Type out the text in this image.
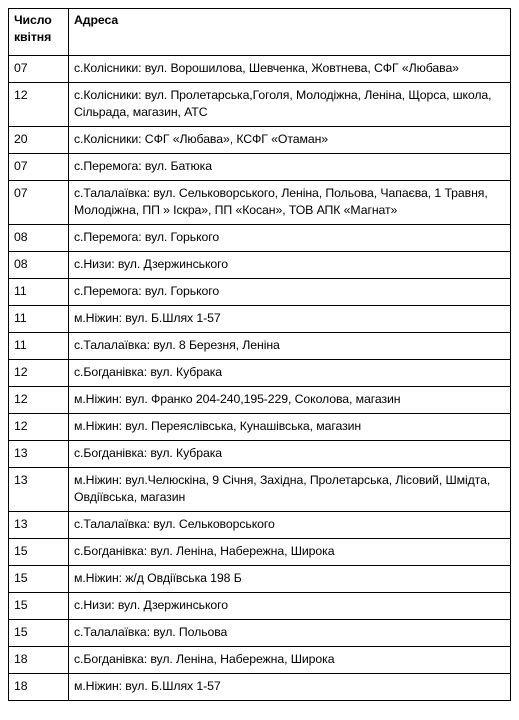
Число квітня	Адреса
07	с.Колісники: вул. Ворошилова, Шевченка, Жовтнева, СФГ «Любава»
12	с.Колісники: вул. Пролетарська,Гоголя, Молодіжна, Леніна, Щорса, школа, Сільрада, магазин, АТС
20	с.Колісники: СФГ «Любава», КСФГ «Отаман»
07	с.Перемога: вул. Батюка
07	с.Талалаївка: вул. Сельковорського, Леніна, Польова, Чапаєва, 1 Травня, Молодіжна, ПП » Іскра», ПП «Косан», ТОВ АПК «Магнат»
08	с.Перемога: вул. Горького
08	с.Низи: вул. Дзержинського
11	с.Перемога: вул. Горького
11	м.Ніжин: вул. Б.Шлях 1-57
11	с.Талалаївка: вул. 8 Березня, Леніна
12	с.Богданівка: вул. Кубрака
12	м.Ніжин: вул. Франко 204-240,195-229, Соколова, магазин
12	м.Ніжин: вул. Переяслівська, Кунашівська, магазин
13	с.Богданівка: вул. Кубрака
13	м.Ніжин: вул.Челюскіна, 9 Січня, Західна, Пролетарська, Лісовий, Шмідта, Овдіївська, магазин
13	с.Талалаївка: вул. Сельковорського
15	с.Богданівка: вул. Леніна, Набережна, Широка
15	м.Ніжин: ж/д Овдіївська 198 Б
15	с.Низи: вул. Дзержинського
15	с.Талалаївка: вул. Польова
18	с.Богданівка: вул. Леніна, Набережна, Широка
18	м.Ніжин: вул. Б.Шлях 1-57
